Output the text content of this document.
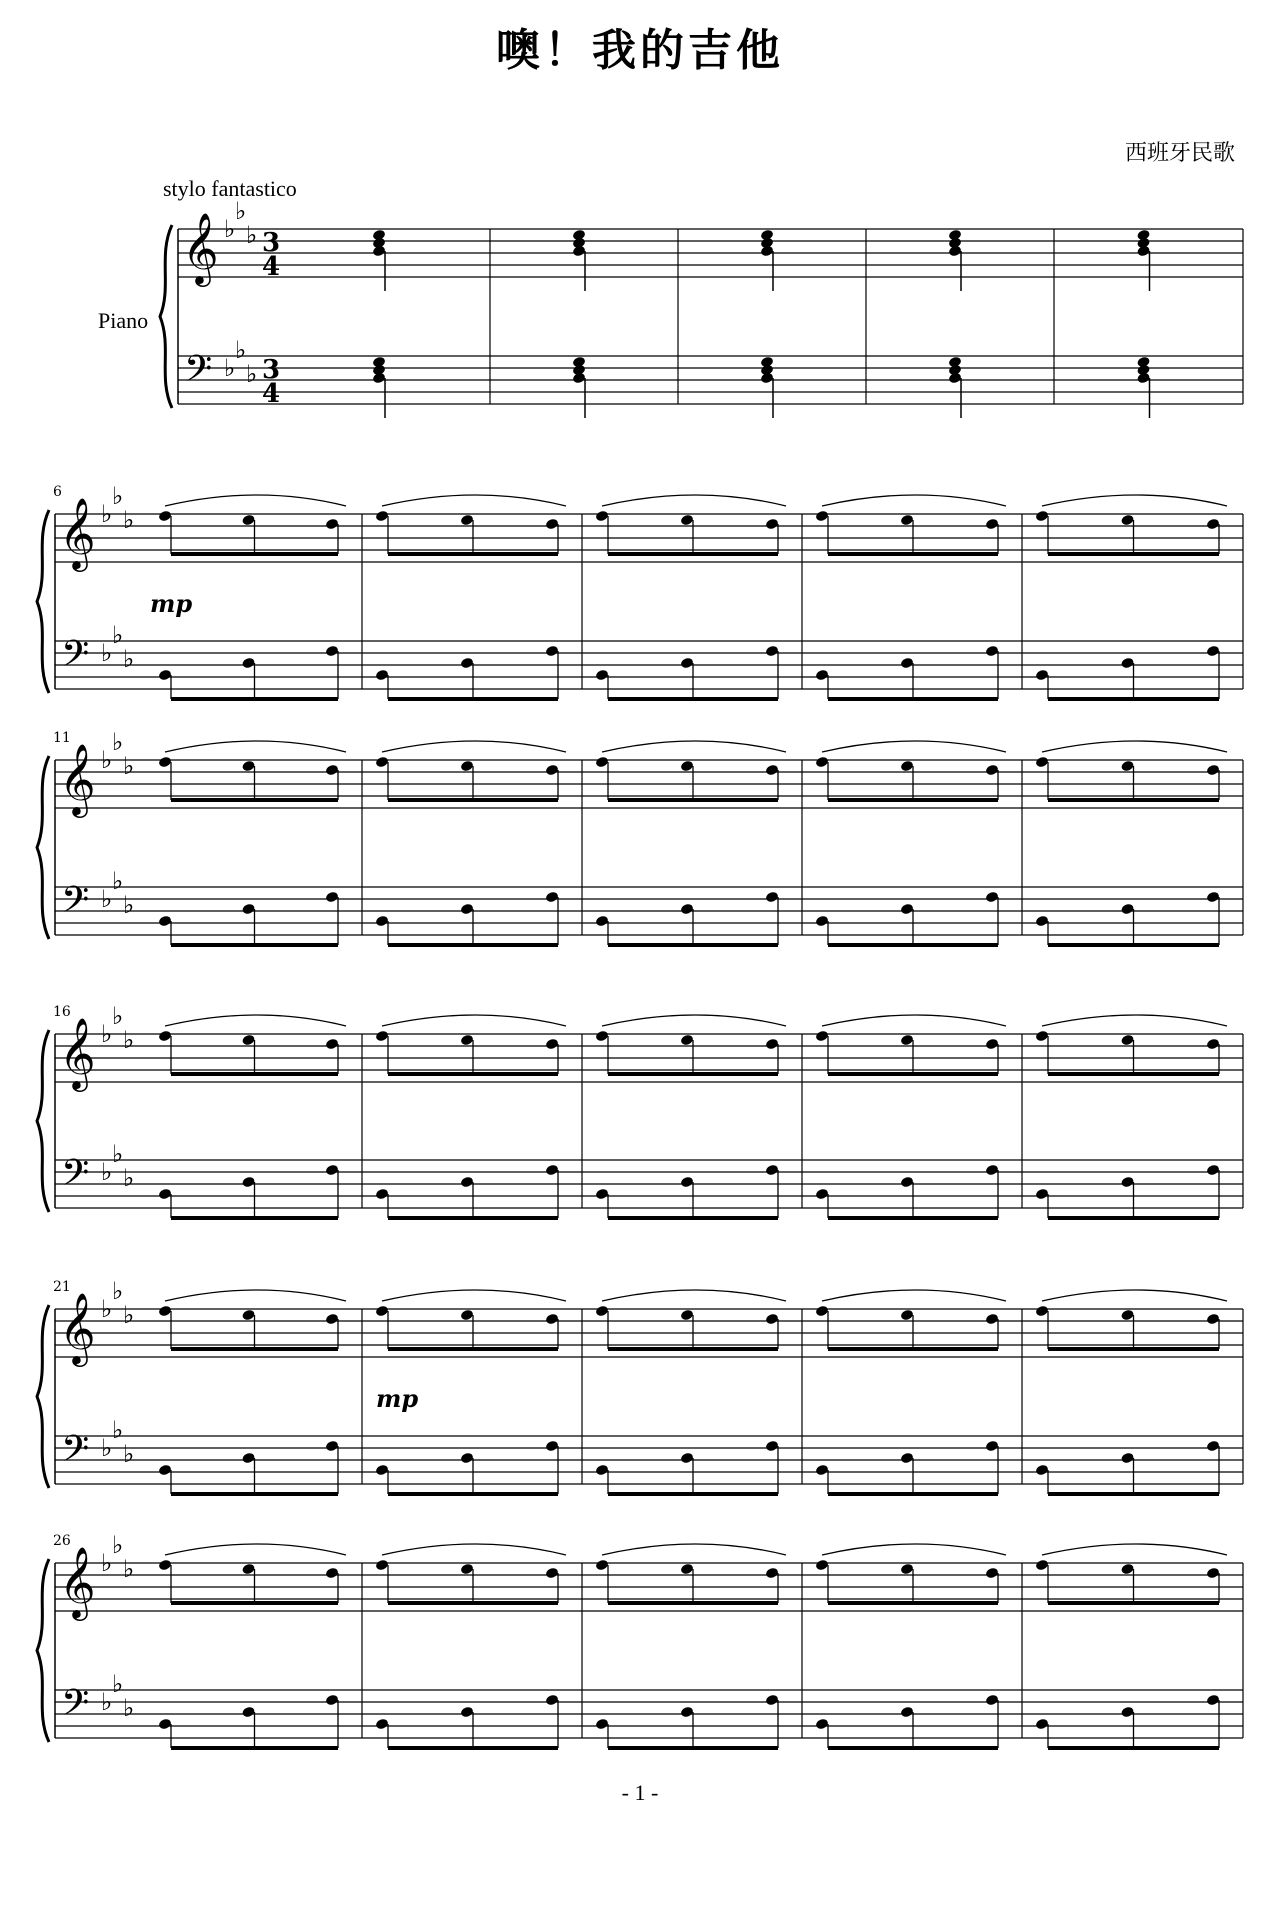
噢！我的吉他
西班牙民歌
stylo fantastico
Piano
𝄞
𝄢
♭
♭
♭
♭
♭
♭
3
4
3
4
𝄞
𝄢
♭
♭
♭
♭
♭
♭
6
𝄞
𝄢
♭
♭
♭
♭
♭
♭
11
𝄞
𝄢
♭
♭
♭
♭
♭
♭
16
𝄞
𝄢
♭
♭
♭
♭
♭
♭
21
𝄞
𝄢
♭
♭
♭
♭
♭
♭
26
mp
mp
- 1 -
